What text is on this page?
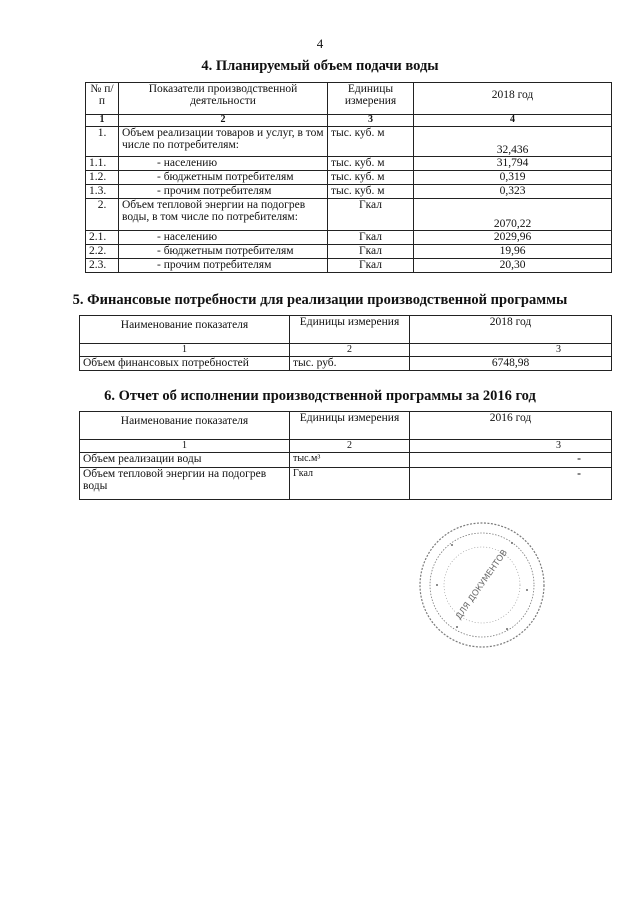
4
4. Планируемый объем подачи воды
№ п/п	Показатели производственной деятельности	Единицы измерения	2018 год
1	2	3	4
1.	Объем реализации товаров и услуг, в том числе по потребителям:	тыс. куб. м	32,436
1.1.	- населению	тыс. куб. м	31,794
1.2.	- бюджетным потребителям	тыс. куб. м	0,319
1.3.	- прочим потребителям	тыс. куб. м	0,323
2.	Объем тепловой энергии на подогрев воды, в том числе по потребителям:	Гкал	2070,22
2.1.	- населению	Гкал	2029,96
2.2.	- бюджетным потребителям	Гкал	19,96
2.3.	- прочим потребителям	Гкал	20,30
5. Финансовые потребности для реализации производственной программы
Наименование показателя	Единицы измерения	2018 год
1	2	3
Объем финансовых потребностей	тыс. руб.	6748,98
6. Отчет об исполнении производственной программы за 2016 год
Наименование показателя	Единицы измерения	2016 год
1	2	3
Объем реализации воды	тыс.м³	-
Объем тепловой энергии на подогрев воды	Гкал	-
ДЛЯ ДОКУМЕНТОВ
